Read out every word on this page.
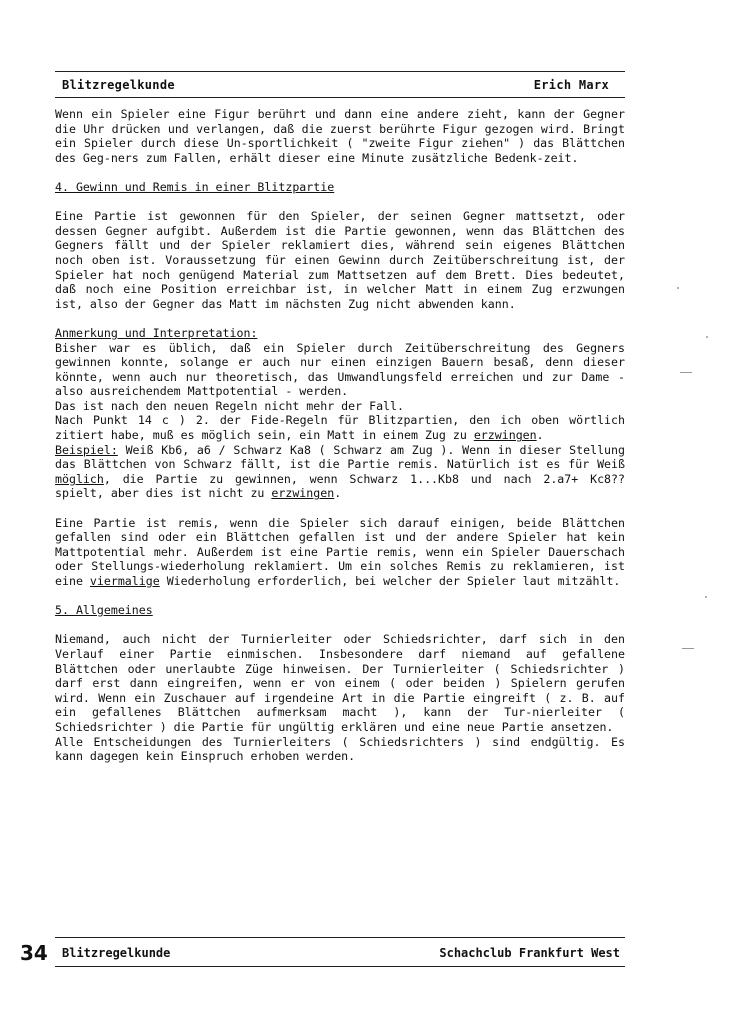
Blitzregelkunde	Erich Marx

Wenn ein Spieler eine Figur berührt und dann eine andere zieht, kann der Gegner die Uhr drücken und verlangen, daß die zuerst berührte Figur gezogen wird. Bringt ein Spieler durch diese Un-sportlichkeit ( "zweite Figur ziehen" ) das Blättchen des Geg-ners zum Fallen, erhält dieser eine Minute zusätzliche Bedenk-zeit.

4. Gewinn und Remis in einer Blitzpartie

Eine Partie ist gewonnen für den Spieler, der seinen Gegner mattsetzt, oder dessen Gegner aufgibt. Außerdem ist die Partie gewonnen, wenn das Blättchen des Gegners fällt und der Spieler reklamiert dies, während sein eigenes Blättchen noch oben ist. Voraussetzung für einen Gewinn durch Zeitüberschreitung ist, der Spieler hat noch genügend Material zum Mattsetzen auf dem Brett. Dies bedeutet, daß noch eine Position erreichbar ist, in welcher Matt in einem Zug erzwungen ist, also der Gegner das Matt im nächsten Zug nicht abwenden kann.

Anmerkung und Interpretation:

Bisher war es üblich, daß ein Spieler durch Zeitüberschreitung des Gegners gewinnen konnte, solange er auch nur einen einzigen Bauern besaß, denn dieser könnte, wenn auch nur theoretisch, das Umwandlungsfeld erreichen und zur Dame - also ausreichendem Mattpotential - werden.

Das ist nach den neuen Regeln nicht mehr der Fall.

Nach Punkt 14 c ) 2. der Fide-Regeln für Blitzpartien, den ich oben wörtlich zitiert habe, muß es möglich sein, ein Matt in einem Zug zu erzwingen.

Beispiel: Weiß Kb6, a6 / Schwarz Ka8 ( Schwarz am Zug ). Wenn in dieser Stellung das Blättchen von Schwarz fällt, ist die Partie remis. Natürlich ist es für Weiß möglich, die Partie zu gewinnen, wenn Schwarz 1...Kb8 und nach 2.a7+ Kc8?? spielt, aber dies ist nicht zu erzwingen.

Eine Partie ist remis, wenn die Spieler sich darauf einigen, beide Blättchen gefallen sind oder ein Blättchen gefallen ist und der andere Spieler hat kein Mattpotential mehr. Außerdem ist eine Partie remis, wenn ein Spieler Dauerschach oder Stellungs-wiederholung reklamiert. Um ein solches Remis zu reklamieren, ist eine viermalige Wiederholung erforderlich, bei welcher der Spieler laut mitzählt.

5. Allgemeines

Niemand, auch nicht der Turnierleiter oder Schiedsrichter, darf sich in den Verlauf einer Partie einmischen. Insbesondere darf niemand auf gefallene Blättchen oder unerlaubte Züge hinweisen. Der Turnierleiter ( Schiedsrichter ) darf erst dann eingreifen, wenn er von einem ( oder beiden ) Spielern gerufen wird. Wenn ein Zuschauer auf irgendeine Art in die Partie eingreift ( z. B. auf ein gefallenes Blättchen aufmerksam macht ), kann der Tur-nierleiter ( Schiedsrichter ) die Partie für ungültig erklären und eine neue Partie ansetzen.

Alle Entscheidungen des Turnierleiters ( Schiedsrichters ) sind endgültig. Es kann dagegen kein Einspruch erhoben werden.

34 Blitzregelkunde	Schachclub Frankfurt West
